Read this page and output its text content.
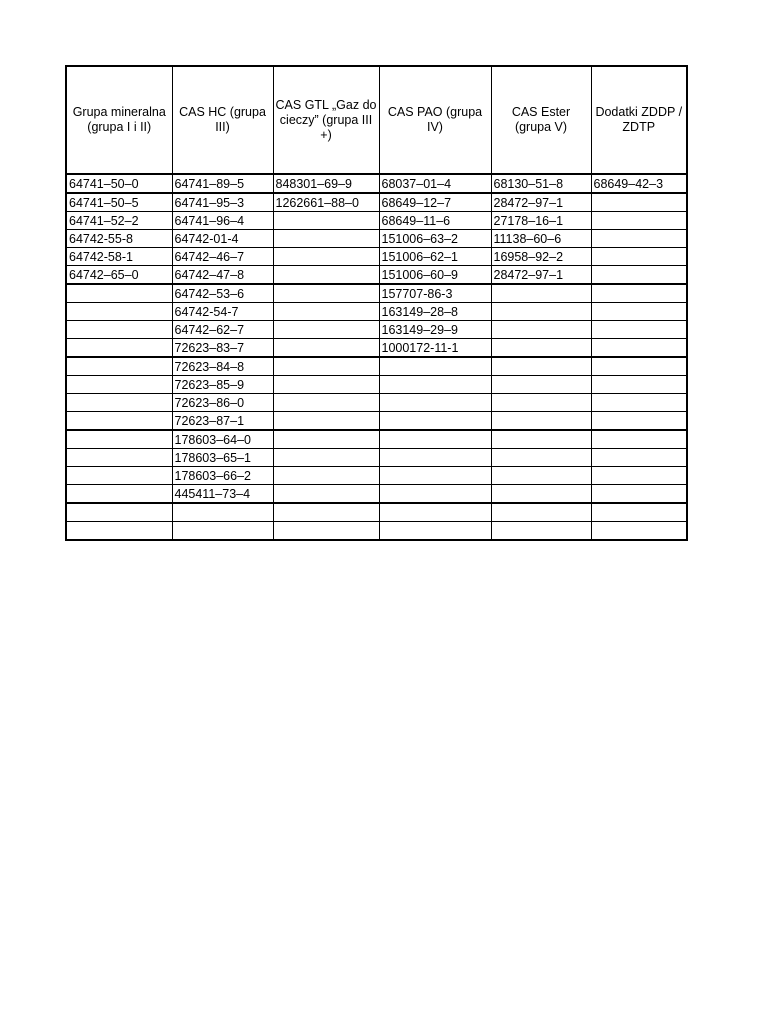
Grupa mineralna (grupa I i II)	CAS HC (grupa III)	CAS GTL „Gaz do cieczy” (grupa III +)	CAS PAO (grupa IV)	CAS Ester (grupa V)	Dodatki ZDDP / ZDTP
64741–50–0	64741–89–5	848301–69–9	68037–01–4	68130–51–8	68649–42–3
64741–50–5	64741–95–3	1262661–88–0	68649–12–7	28472–97–1	
64741–52–2	64741–96–4		68649–11–6	27178–16–1	
64742-55-8	64742-01-4		151006–63–2	11138–60–6	
64742-58-1	64742–46–7		151006–62–1	16958–92–2	
64742–65–0	64742–47–8		151006–60–9	28472–97–1	
	64742–53–6		157707-86-3		
	64742-54-7		163149–28–8		
	64742–62–7		163149–29–9		
	72623–83–7		1000172-11-1		
	72623–84–8				
	72623–85–9				
	72623–86–0				
	72623–87–1				
	178603–64–0				
	178603–65–1				
	178603–66–2				
	445411–73–4				
